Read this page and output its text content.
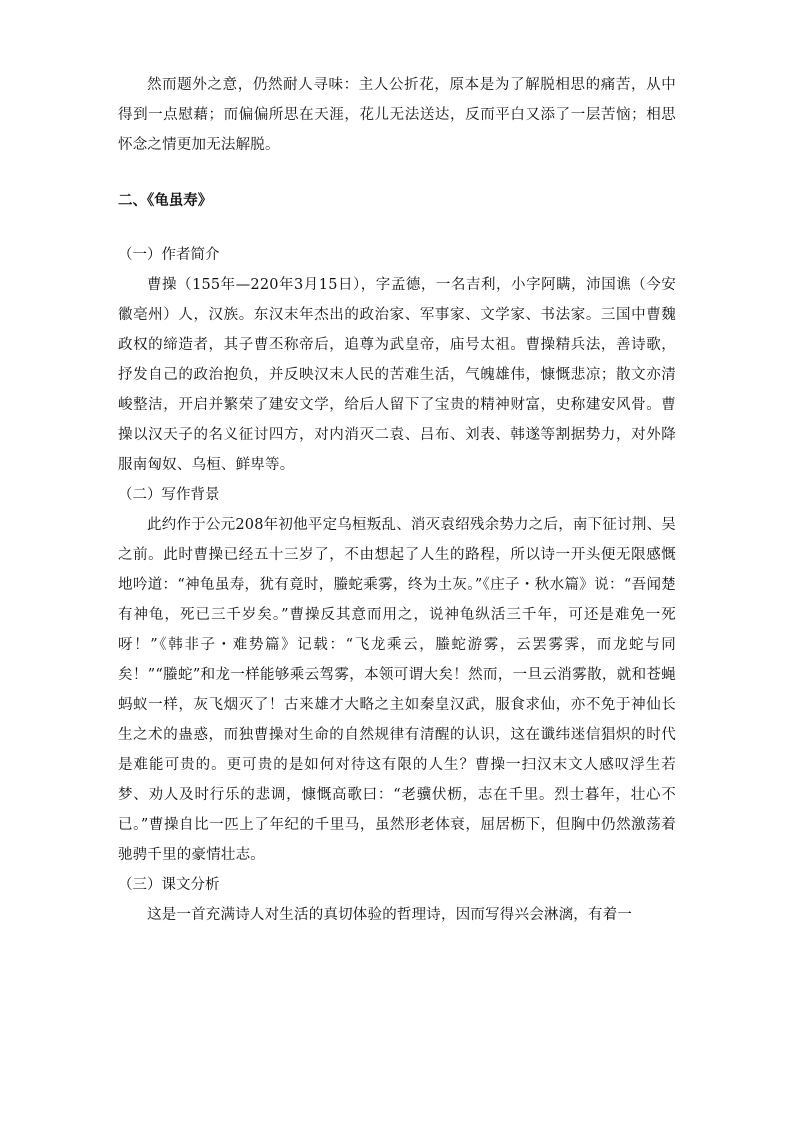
然而题外之意，仍然耐人寻味：主人公折花，原本是为了解脱相思的痛苦，从中得到一点慰藉；而偏偏所思在天涯，花儿无法送达，反而平白又添了一层苦恼；相思怀念之情更加无法解脱。

二、《龟虽寿》

（一）作者简介

曹操（155年—220年3月15日），字孟德，一名吉利，小字阿瞒，沛国谯（今安徽亳州）人，汉族。东汉末年杰出的政治家、军事家、文学家、书法家。三国中曹魏政权的缔造者，其子曹丕称帝后，追尊为武皇帝，庙号太祖。曹操精兵法，善诗歌，抒发自己的政治抱负，并反映汉末人民的苦难生活，气魄雄伟，慷慨悲凉；散文亦清峻整洁，开启并繁荣了建安文学，给后人留下了宝贵的精神财富，史称建安风骨。曹操以汉天子的名义征讨四方，对内消灭二袁、吕布、刘表、韩遂等割据势力，对外降服南匈奴、乌桓、鲜卑等。

（二）写作背景

此约作于公元208年初他平定乌桓叛乱、消灭袁绍残余势力之后，南下征讨荆、吴之前。此时曹操已经五十三岁了，不由想起了人生的路程，所以诗一开头便无限感慨地吟道：“神龟虽寿，犹有竟时，螣蛇乘雾，终为土灰。”《庄子・秋水篇》说：“吾闻楚有神龟，死已三千岁矣。”曹操反其意而用之，说神龟纵活三千年，可还是难免一死呀！”《韩非子・难势篇》记载：“飞龙乘云，螣蛇游雾，云罢雾霁，而龙蛇与同矣！”“螣蛇”和龙一样能够乘云驾雾，本领可谓大矣！然而，一旦云消雾散，就和苍蝇蚂蚁一样，灰飞烟灭了！古来雄才大略之主如秦皇汉武，服食求仙，亦不免于神仙长生之术的蛊惑，而独曹操对生命的自然规律有清醒的认识，这在谶纬迷信猖炽的时代是难能可贵的。更可贵的是如何对待这有限的人生？曹操一扫汉末文人感叹浮生若梦、劝人及时行乐的悲调，慷慨高歌曰：“老骥伏枥，志在千里。烈士暮年，壮心不已。”曹操自比一匹上了年纪的千里马，虽然形老体衰，屈居枥下，但胸中仍然激荡着驰骋千里的豪情壮志。

（三）课文分析

这是一首充满诗人对生活的真切体验的哲理诗，因而写得兴会淋漓，有着一
